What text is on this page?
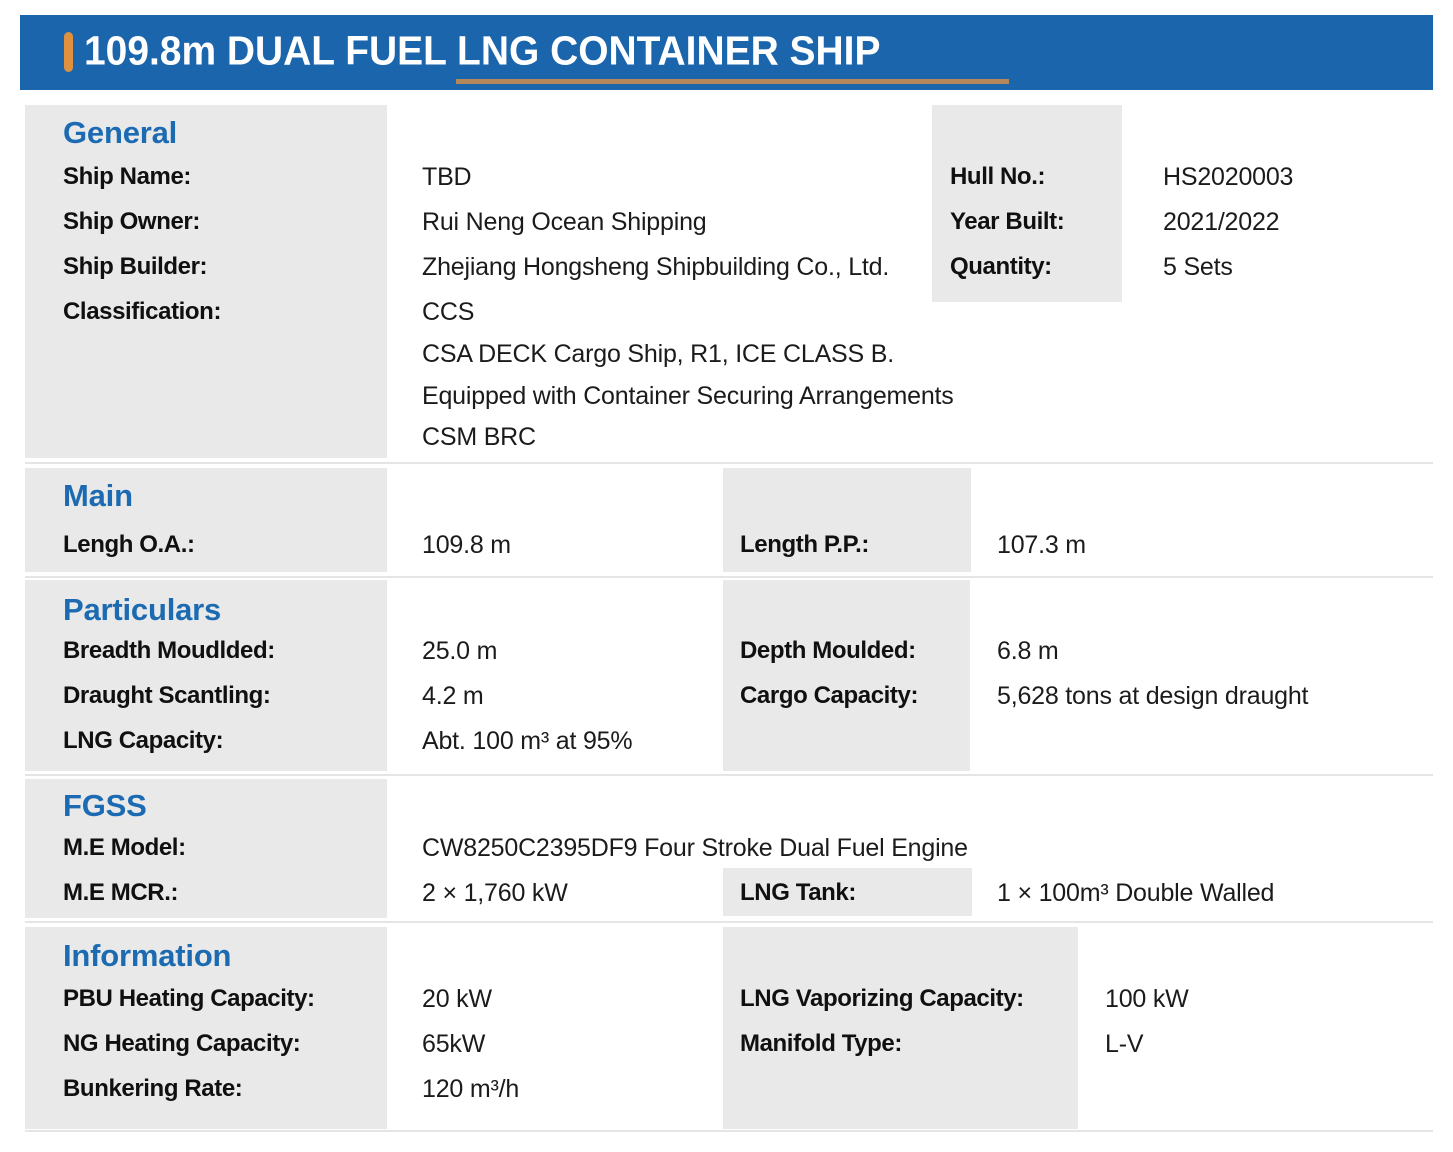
109.8m DUAL FUEL LNG CONTAINER SHIP
General
Ship Name:	TBD
Ship Owner:	Rui Neng Ocean Shipping
Ship Builder:	Zhejiang Hongsheng Shipbuilding Co., Ltd.
Classification:	CCS
CSA DECK Cargo Ship, R1, ICE CLASS B.
Equipped with Container Securing Arrangements
CSM BRC
Hull No.:	HS2020003
Year Built:	2021/2022
Quantity:	5 Sets
Main
Lengh O.A.:	109.8 m	Length P.P.:	107.3 m
Particulars
Breadth Moudlded:	25.0 m
Draught Scantling:	4.2 m
LNG Capacity:	Abt. 100 m³ at 95%
Depth Moulded:	6.8 m
Cargo Capacity:	5,628 tons at design draught
FGSS
M.E Model:	CW8250C2395DF9 Four Stroke Dual Fuel Engine
M.E MCR.:	2 × 1,760 kW	LNG Tank:	1 × 100m³ Double Walled
Information
PBU Heating Capacity:	20 kW
NG Heating Capacity:	65kW
Bunkering Rate:	120 m³/h
LNG Vaporizing Capacity:	100 kW
Manifold Type:	L-V
